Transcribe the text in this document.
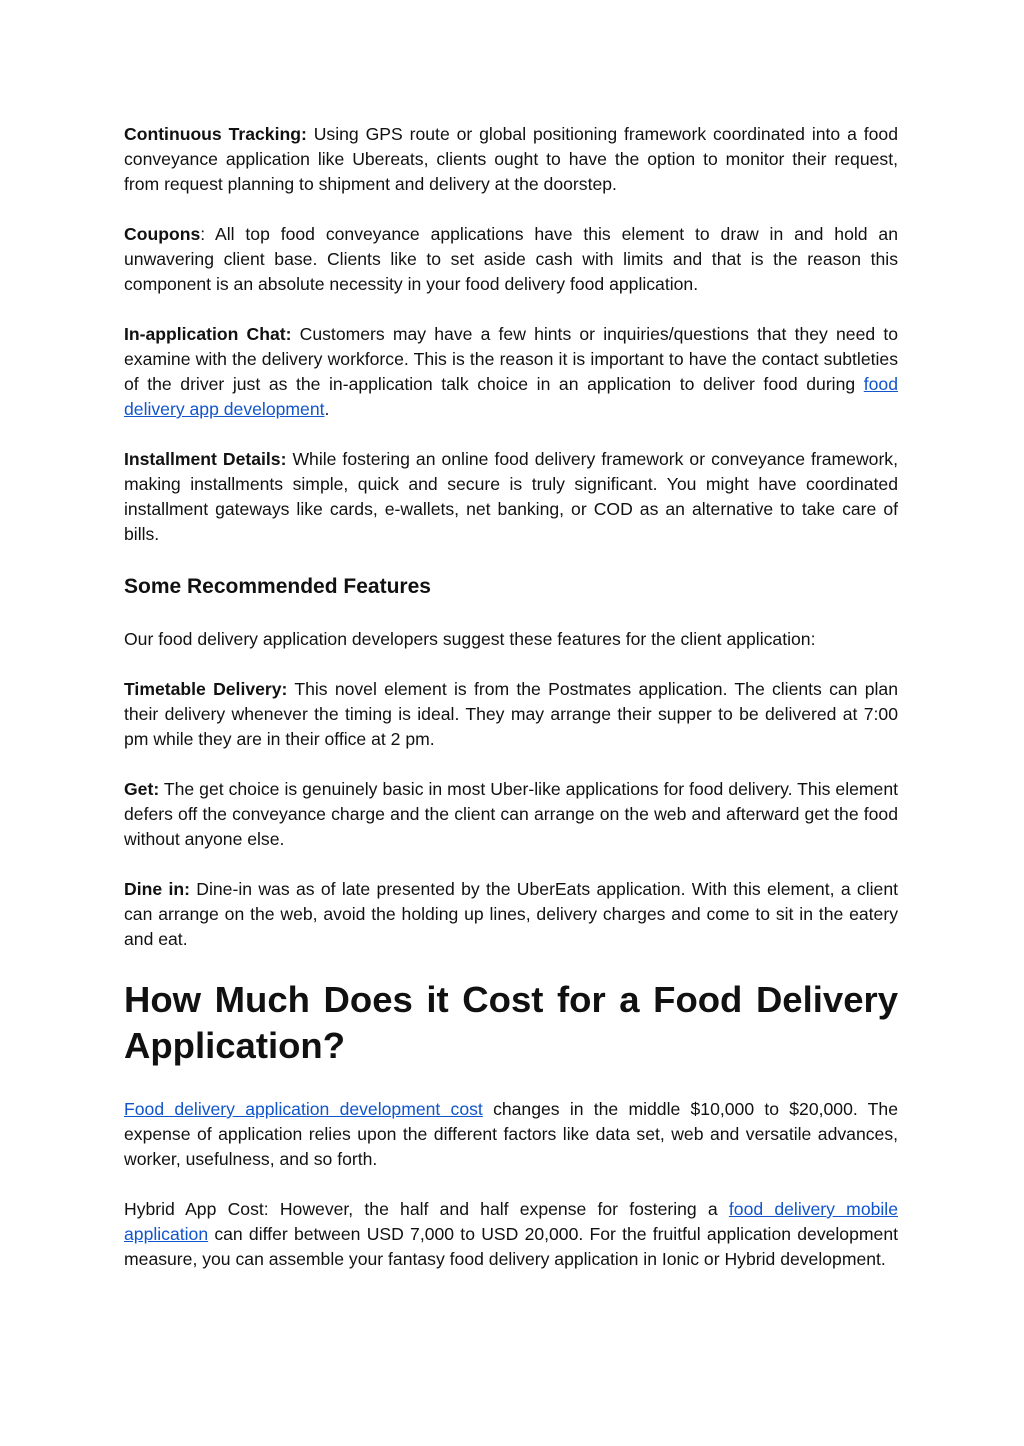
Continuous Tracking: Using GPS route or global positioning framework coordinated into a food conveyance application like Ubereats, clients ought to have the option to monitor their request, from request planning to shipment and delivery at the doorstep.

Coupons: All top food conveyance applications have this element to draw in and hold an unwavering client base. Clients like to set aside cash with limits and that is the reason this component is an absolute necessity in your food delivery food application.

In-application Chat: Customers may have a few hints or inquiries/questions that they need to examine with the delivery workforce. This is the reason it is important to have the contact subtleties of the driver just as the in-application talk choice in an application to deliver food during food delivery app development.

Installment Details: While fostering an online food delivery framework or conveyance framework, making installments simple, quick and secure is truly significant. You might have coordinated installment gateways like cards, e-wallets, net banking, or COD as an alternative to take care of bills.

Some Recommended Features

Our food delivery application developers suggest these features for the client application:

Timetable Delivery: This novel element is from the Postmates application. The clients can plan their delivery whenever the timing is ideal. They may arrange their supper to be delivered at 7:00 pm while they are in their office at 2 pm.

Get: The get choice is genuinely basic in most Uber-like applications for food delivery. This element defers off the conveyance charge and the client can arrange on the web and afterward get the food without anyone else.

Dine in: Dine-in was as of late presented by the UberEats application. With this element, a client can arrange on the web, avoid the holding up lines, delivery charges and come to sit in the eatery and eat.

How Much Does it Cost for a Food Delivery Application?

Food delivery application development cost changes in the middle $10,000 to $20,000. The expense of application relies upon the different factors like data set, web and versatile advances, worker, usefulness, and so forth.

Hybrid App Cost: However, the half and half expense for fostering a food delivery mobile application can differ between USD 7,000 to USD 20,000. For the fruitful application development measure, you can assemble your fantasy food delivery application in Ionic or Hybrid development.
